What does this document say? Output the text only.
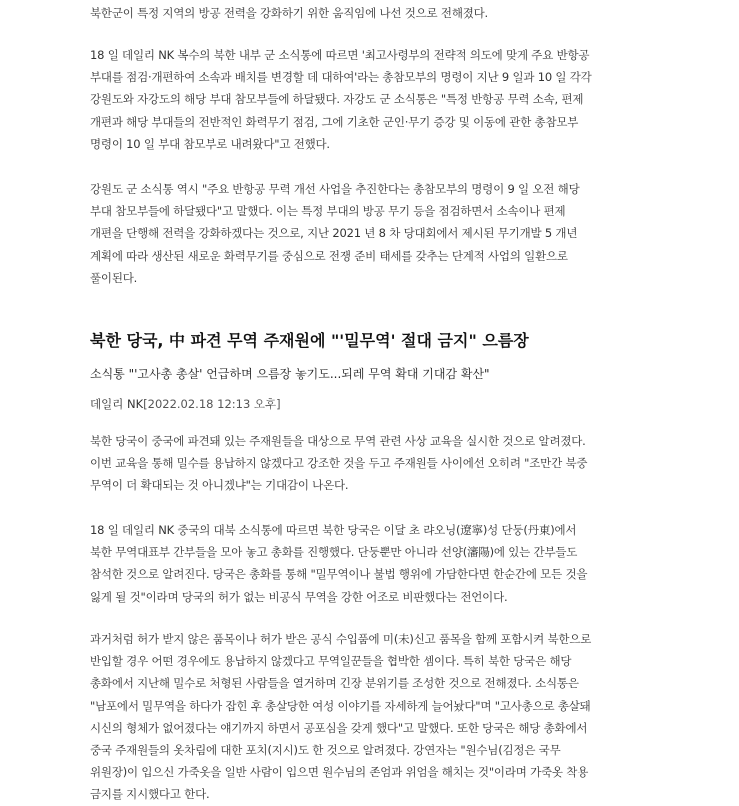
북한군이 특정 지역의 방공 전력을 강화하기 위한 움직임에 나선 것으로 전해졌다.
18 일 데일리 NK 복수의 북한 내부 군 소식통에 따르면 '최고사령부의 전략적 의도에 맞게 주요 반항공
부대를 점검·개편하여 소속과 배치를 변경할 데 대하여'라는 총참모부의 명령이 지난 9 일과 10 일 각각
강원도와 자강도의 해당 부대 참모부들에 하달됐다. 자강도 군 소식통은 "특정 반항공 무력 소속, 편제
개편과 해당 부대들의 전반적인 화력무기 점검, 그에 기초한 군인·무기 증강 및 이동에 관한 총참모부
명령이 10 일 부대 참모부로 내려왔다"고 전했다.
강원도 군 소식통 역시 "주요 반항공 무력 개선 사업을 추진한다는 총참모부의 명령이 9 일 오전 해당
부대 참모부들에 하달됐다"고 말했다. 이는 특정 부대의 방공 무기 등을 점검하면서 소속이나 편제
개편을 단행해 전력을 강화하겠다는 것으로, 지난 2021 년 8 차 당대회에서 제시된 무기개발 5 개년
계획에 따라 생산된 새로운 화력무기를 중심으로 전쟁 준비 태세를 갖추는 단계적 사업의 일환으로
풀이된다.
북한 당국, 中 파견 무역 주재원에 "'밀무역' 절대 금지" 으름장

소식통 "'고사총 총살' 언급하며 으름장 놓기도...되레 무역 확대 기대감 확산"

데일리 NK[2022.02.18 12:13 오후]

북한 당국이 중국에 파견돼 있는 주재원들을 대상으로 무역 관련 사상 교육을 실시한 것으로 알려졌다.
이번 교육을 통해 밀수를 용납하지 않겠다고 강조한 것을 두고 주재원들 사이에선 오히려 "조만간 북중
무역이 더 확대되는 것 아니겠냐"는 기대감이 나온다.
18 일 데일리 NK 중국의 대북 소식통에 따르면 북한 당국은 이달 초 랴오닝(遼寧)성 단둥(丹東)에서
북한 무역대표부 간부들을 모아 놓고 총화를 진행했다. 단둥뿐만 아니라 선양(瀋陽)에 있는 간부들도
참석한 것으로 알려진다. 당국은 총화를 통해 "밀무역이나 불법 행위에 가담한다면 한순간에 모든 것을
잃게 될 것"이라며 당국의 허가 없는 비공식 무역을 강한 어조로 비판했다는 전언이다.
과거처럼 허가 받지 않은 품목이나 허가 받은 공식 수입품에 미(未)신고 품목을 함께 포함시켜 북한으로
반입할 경우 어떤 경우에도 용납하지 않겠다고 무역일꾼들을 협박한 셈이다. 특히 북한 당국은 해당
총화에서 지난해 밀수로 처형된 사람들을 열거하며 긴장 분위기를 조성한 것으로 전해졌다. 소식통은
"남포에서 밀무역을 하다가 잡힌 후 총살당한 여성 이야기를 자세하게 늘어놨다"며 "고사총으로 총살돼
시신의 형체가 없어졌다는 얘기까지 하면서 공포심을 갖게 했다"고 말했다. 또한 당국은 해당 총화에서
중국 주재원들의 옷차림에 대한 포치(지시)도 한 것으로 알려졌다. 강연자는 "원수님(김정은 국무
위원장)이 입으신 가죽옷을 일반 사람이 입으면 원수님의 존엄과 위엄을 해치는 것"이라며 가죽옷 착용
금지를 지시했다고 한다.
